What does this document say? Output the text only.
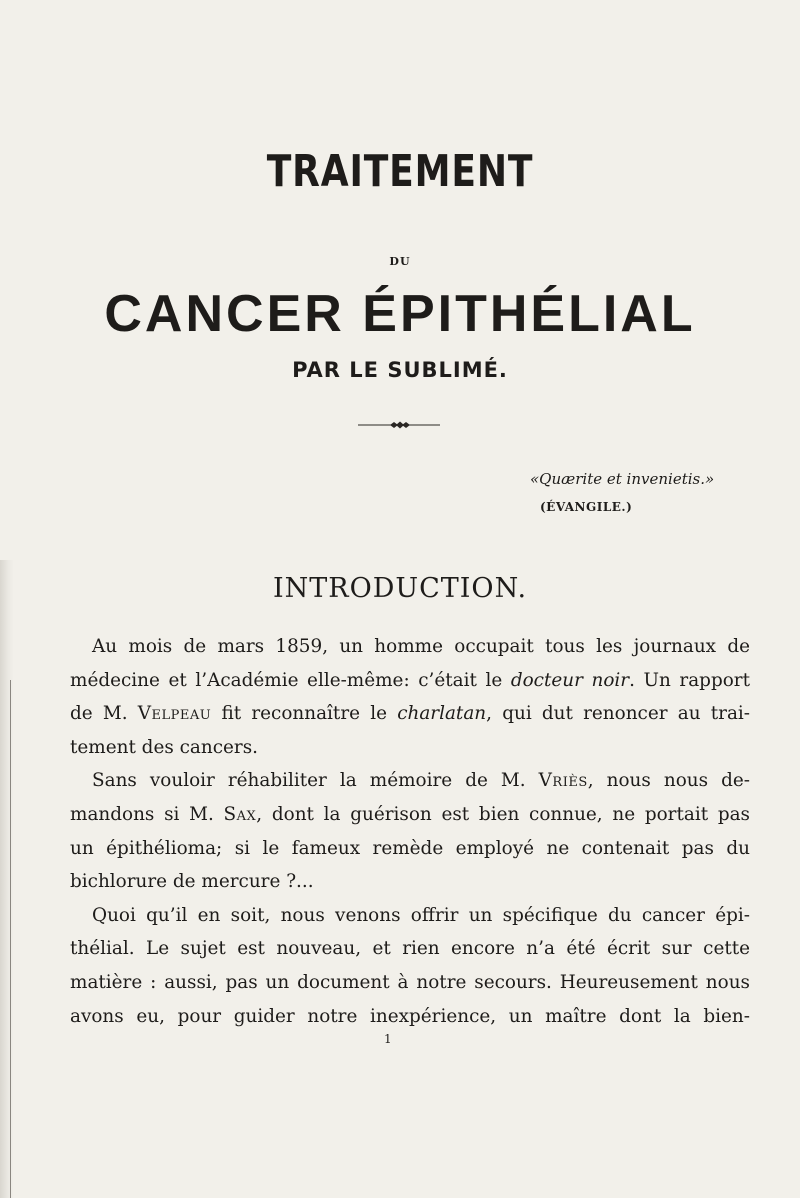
TRAITEMENT
DU
CANCER ÉPITHÉLIAL
PAR LE SUBLIMÉ.
«Quærite et invenietis.»
(ÉVANGILE.)
INTRODUCTION.
Au mois de mars 1859, un homme occupait tous les journaux de
médecine et l’Académie elle-même: c’était le docteur noir. Un rapport
de M. Velpeau fit reconnaître le charlatan, qui dut renoncer au trai-
tement des cancers.
Sans vouloir réhabiliter la mémoire de M. Vriès, nous nous de-
mandons si M. Sax, dont la guérison est bien connue, ne portait pas
un épithélioma; si le fameux remède employé ne contenait pas du
bichlorure de mercure ?...
Quoi qu’il en soit, nous venons offrir un spécifique du cancer épi-
thélial. Le sujet est nouveau, et rien encore n’a été écrit sur cette
matière : aussi, pas un document à notre secours. Heureusement nous
avons eu, pour guider notre inexpérience, un maître dont la bien-
1
